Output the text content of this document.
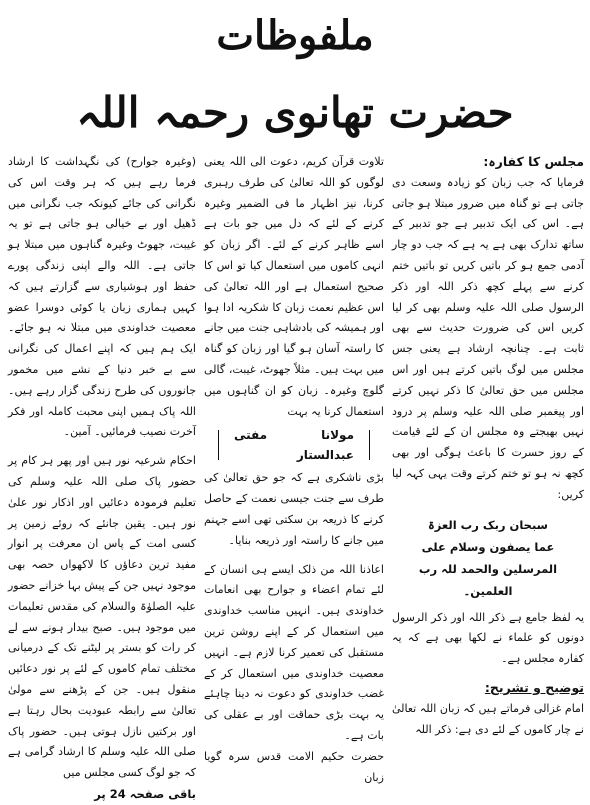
ملفوظات
حضرت تھانوی رحمہ اللہ

مجلس کا کفارہ:

فرمایا کہ جب زبان کو زیادہ وسعت دی جاتی ہے تو گناہ میں ضرور مبتلا ہو جاتی ہے۔ اس کی ایک تدبیر ہے جو تدبیر کے ساتھ تدارک بھی ہے یہ ہے کہ جب دو چار آدمی جمع ہو کر باتیں کریں تو باتیں ختم کرنے سے پہلے کچھ ذکر اللہ اور ذکر الرسول صلی اللہ علیہ وسلم بھی کر لیا کریں اس کی ضرورت حدیث سے بھی ثابت ہے۔ چنانچہ ارشاد ہے یعنی جس مجلس میں لوگ باتیں کرتے ہیں اور اس مجلس میں حق تعالیٰ کا ذکر نہیں کرتے اور پیغمبر صلی اللہ علیہ وسلم پر درود نہیں بھیجتے وہ مجلس ان کے لئے قیامت کے روز حسرت کا باعث ہوگی اور بھی کچھ نہ ہو تو ختم کرتے وقت یہی کہہ لیا کریں:

سبحان ربک رب العزۃ

عما یصفون وسلام علی

المرسلین والحمد للہ رب

العلمین۔

یہ لفظ جامع ہے ذکر اللہ اور ذکر الرسول دونوں کو علماء نے لکھا بھی ہے کہ یہ کفارہ مجلس ہے۔

توضیح و تشریح:

امام غزالی فرماتے ہیں کہ زبان اللہ تعالیٰ نے چار کاموں کے لئے دی ہے: ذکر اللہ

تلاوت قرآن کریم، دعوت الی اللہ یعنی لوگوں کو اللہ تعالیٰ کی طرف رہبری کرنا، نیز اظہار ما فی الضمیر وغیرہ کرنے کے لئے کہ دل میں جو بات ہے اسے ظاہر کرنے کے لئے۔ اگر زبان کو انہی کاموں میں استعمال کیا تو اس کا صحیح استعمال ہے اور اللہ تعالیٰ کی اس عظیم نعمت زبان کا شکریہ ادا ہوا اور ہمیشہ کی بادشاہی جنت میں جانے کا راستہ آسان ہو گیا اور زبان کو گناہ میں بہت ہیں۔ مثلاً جھوٹ، غیبت، گالی گلوچ وغیرہ۔ زبان کو ان گناہوں میں استعمال کرنا یہ بہت

مولانا مفتی عبدالستار

بڑی ناشکری ہے کہ جو حق تعالیٰ کی طرف سے جنت جیسی نعمت کے حاصل کرنے کا ذریعہ بن سکتی تھی اسے جہنم میں جانے کا راستہ اور ذریعہ بنایا۔

اعاذنا اللہ من ذلک ایسے ہی انسان کے لئے تمام اعضاء و جوارح بھی انعامات خداوندی ہیں۔ انہیں مناسب خداوندی میں استعمال کر کے اپنے روشن ترین مستقبل کی تعمیر کرنا لازم ہے۔ انہیں معصیت خداوندی میں استعمال کر کے غضب خداوندی کو دعوت نہ دینا چاہئے یہ بہت بڑی حماقت اور بے عقلی کی بات ہے۔

حضرت حکیم الامت قدس سرہ گویا زبان

(وغیرہ جوارح) کی نگہداشت کا ارشاد فرما رہے ہیں کہ ہر وقت اس کی نگرانی کی جائے کیونکہ جب نگرانی میں ڈھیل اور بے خیالی ہو جاتی ہے تو یہ غیبت، جھوٹ وغیرہ گناہوں میں مبتلا ہو جاتی ہے۔ اللہ والے اپنی زندگی پورے حفظ اور ہوشیاری سے گزارتے ہیں کہ کہیں ہماری زبان یا کوئی دوسرا عضو معصیت خداوندی میں مبتلا نہ ہو جائے۔ ایک ہم ہیں کہ اپنے اعمال کی نگرانی سے بے خبر دنیا کے نشے میں مخمور جانوروں کی طرح زندگی گزار رہے ہیں۔ اللہ پاک ہمیں اپنی محبت کاملہ اور فکر آخرت نصیب فرمائیں۔ آمین۔

احکام شرعیہ نور ہیں اور پھر ہر کام پر حضور پاک صلی اللہ علیہ وسلم کی تعلیم فرمودہ دعائیں اور اذکار نور علیٰ نور ہیں۔ یقین جانئے کہ روئے زمین پر کسی امت کے پاس ان معرفت پر انوار مفید ترین دعاؤں کا لاکھواں حصہ بھی موجود نہیں جن کے پیش بہا خزانے حضور علیہ الصلوٰۃ والسلام کی مقدس تعلیمات میں موجود ہیں۔ صبح بیدار ہونے سے لے کر رات کو بستر پر لیٹنے تک کے درمیانی مختلف تمام کاموں کے لئے پر نور دعائیں منقول ہیں۔ جن کے پڑھنے سے مولیٰ تعالیٰ سے رابطہ عبودیت بحال رہتا ہے اور برکتیں نازل ہوتی ہیں۔ حضور پاک صلی اللہ علیہ وسلم کا ارشاد گرامی ہے کہ جو لوگ کسی مجلس میں

باقی صفحہ 24 پر
